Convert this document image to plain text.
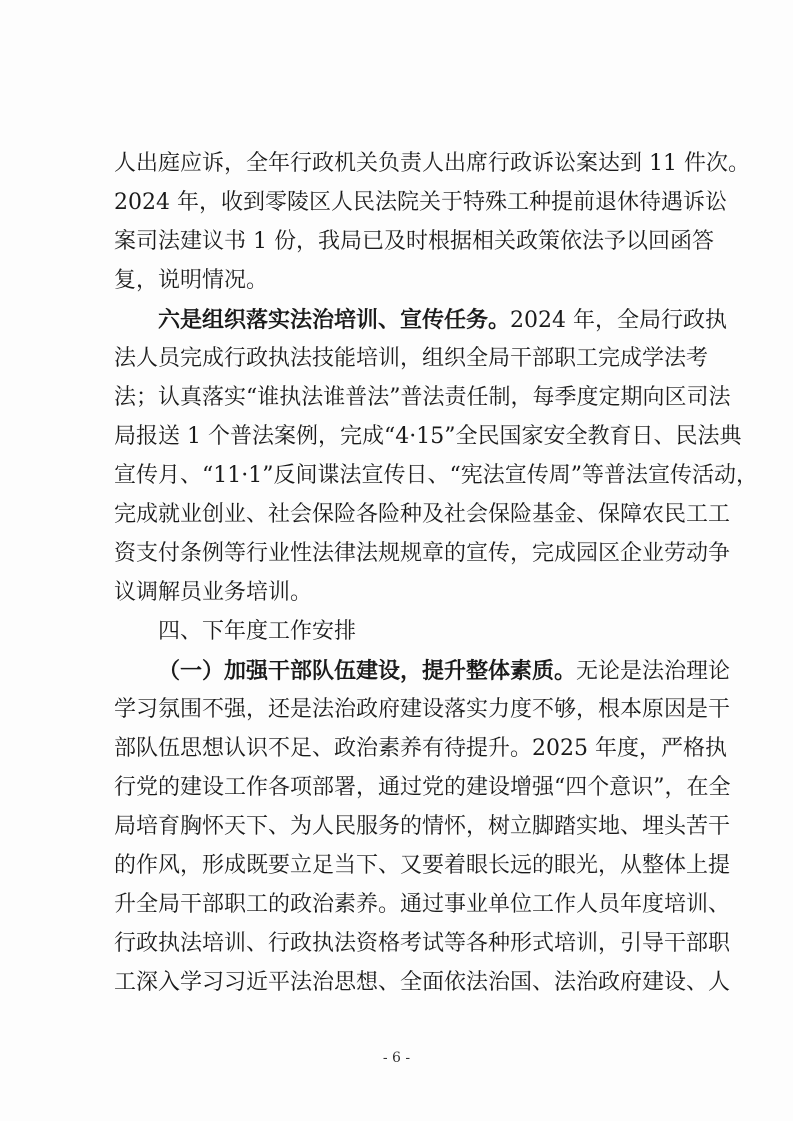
人出庭应诉，全年行政机关负责人出席行政诉讼案达到 11 件次。
2024 年，收到零陵区人民法院关于特殊工种提前退休待遇诉讼
案司法建议书 1 份，我局已及时根据相关政策依法予以回函答
复，说明情况。
六是组织落实法治培训、宣传任务。2024 年，全局行政执
法人员完成行政执法技能培训，组织全局干部职工完成学法考
法；认真落实“谁执法谁普法”普法责任制，每季度定期向区司法
局报送 1 个普法案例，完成“4·15”全民国家安全教育日、民法典
宣传月、“11·1”反间谍法宣传日、“宪法宣传周”等普法宣传活动，
完成就业创业、社会保险各险种及社会保险基金、保障农民工工
资支付条例等行业性法律法规规章的宣传，完成园区企业劳动争
议调解员业务培训。
四、下年度工作安排
（一）加强干部队伍建设，提升整体素质。无论是法治理论
学习氛围不强，还是法治政府建设落实力度不够，根本原因是干
部队伍思想认识不足、政治素养有待提升。2025 年度，严格执
行党的建设工作各项部署，通过党的建设增强“四个意识”，在全
局培育胸怀天下、为人民服务的情怀，树立脚踏实地、埋头苦干
的作风，形成既要立足当下、又要着眼长远的眼光，从整体上提
升全局干部职工的政治素养。通过事业单位工作人员年度培训、
行政执法培训、行政执法资格考试等各种形式培训，引导干部职
工深入学习习近平法治思想、全面依法治国、法治政府建设、人
- 6 -
